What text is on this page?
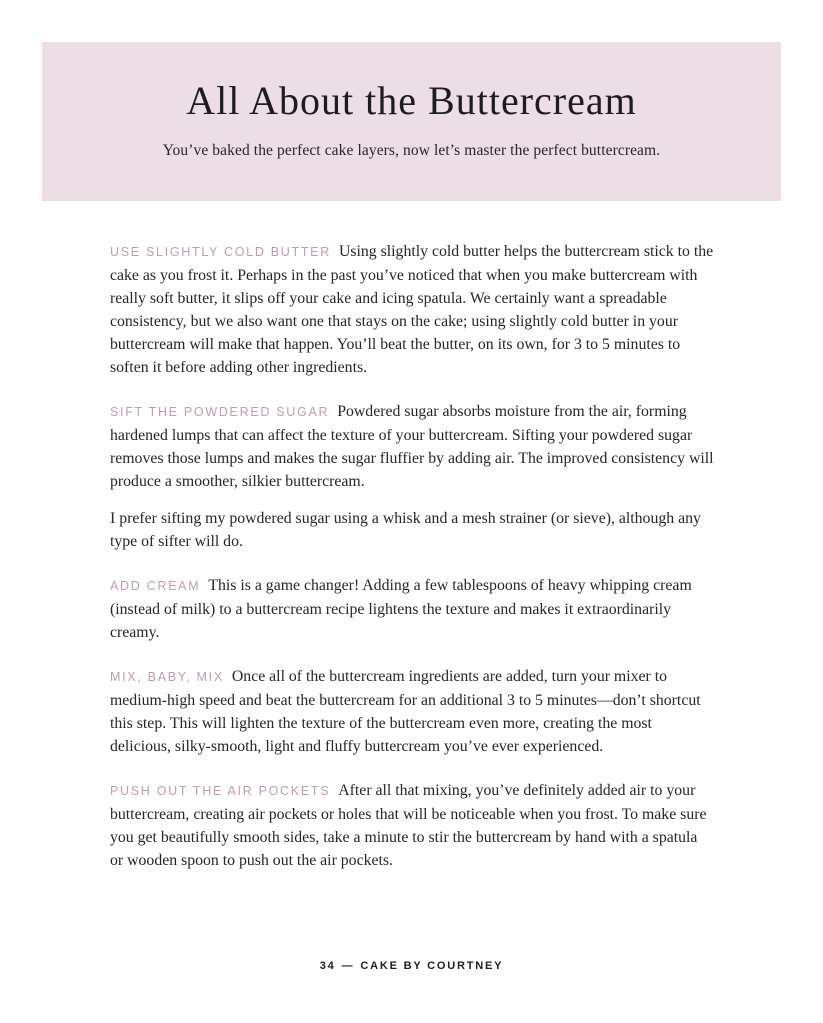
All About the Buttercream
You’ve baked the perfect cake layers, now let’s master the perfect buttercream.

USE SLIGHTLY COLD BUTTER Using slightly cold butter helps the buttercream stick to the cake as you frost it. Perhaps in the past you’ve noticed that when you make buttercream with really soft butter, it slips off your cake and icing spatula. We certainly want a spreadable consistency, but we also want one that stays on the cake; using slightly cold butter in your buttercream will make that happen. You’ll beat the butter, on its own, for 3 to 5 minutes to soften it before adding other ingredients.

SIFT THE POWDERED SUGAR Powdered sugar absorbs moisture from the air, forming hardened lumps that can affect the texture of your buttercream. Sifting your powdered sugar removes those lumps and makes the sugar fluffier by adding air. The improved consistency will produce a smoother, silkier buttercream.

I prefer sifting my powdered sugar using a whisk and a mesh strainer (or sieve), although any type of sifter will do.

ADD CREAM This is a game changer! Adding a few tablespoons of heavy whipping cream (instead of milk) to a buttercream recipe lightens the texture and makes it extraordinarily creamy.

MIX, BABY, MIX Once all of the buttercream ingredients are added, turn your mixer to medium-high speed and beat the buttercream for an additional 3 to 5 minutes—don’t shortcut this step. This will lighten the texture of the buttercream even more, creating the most delicious, silky-smooth, light and fluffy buttercream you’ve ever experienced.

PUSH OUT THE AIR POCKETS After all that mixing, you’ve definitely added air to your buttercream, creating air pockets or holes that will be noticeable when you frost. To make sure you get beautifully smooth sides, take a minute to stir the buttercream by hand with a spatula or wooden spoon to push out the air pockets.

34 — CAKE BY COURTNEY
